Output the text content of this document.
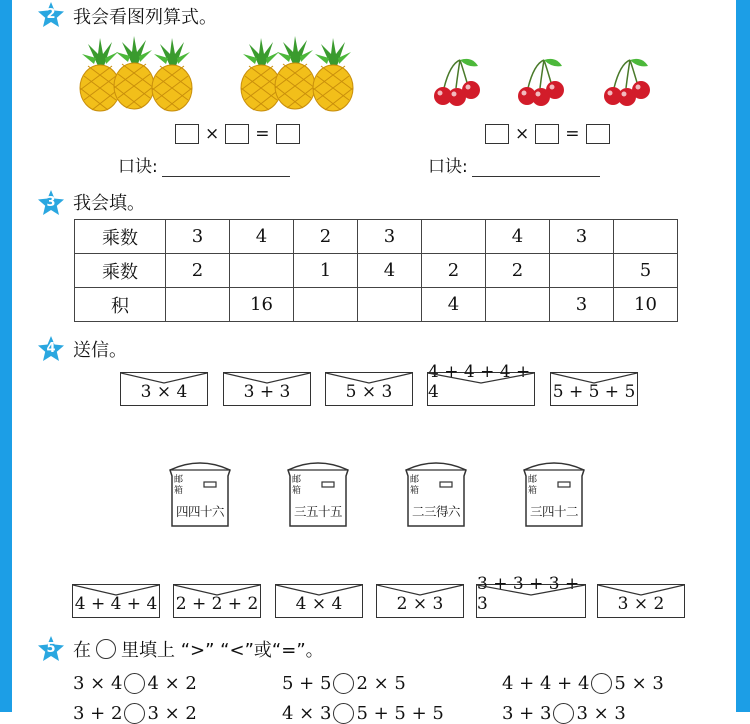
2 我会看图列算式。
× =	× =
口诀:	口诀:
3 我会填。
乘数	3	4	2	3		4	3	
乘数	2		1	4	2	2		5
积		16			4		3	10
4 送信。
3 × 4	3 + 3	5 × 3
4 + 4 + 4 + 4	5 + 5 + 5
邮
箱
四四十六
邮
箱
三五十五
邮
箱
二三得六
邮
箱
三四十二
4 + 4 + 4 2 + 2 + 2 4 × 4	2 × 3
3 + 3 + 3 + 3	3 × 2
5 在 里填上 “>” “<”或“=”。
3 × 4 4 × 2	5 + 5 2 × 5	4 + 4 + 4 5 × 3
3 + 2 3 × 2	4 × 3 5 + 5 + 5	3 + 3 3 × 3
